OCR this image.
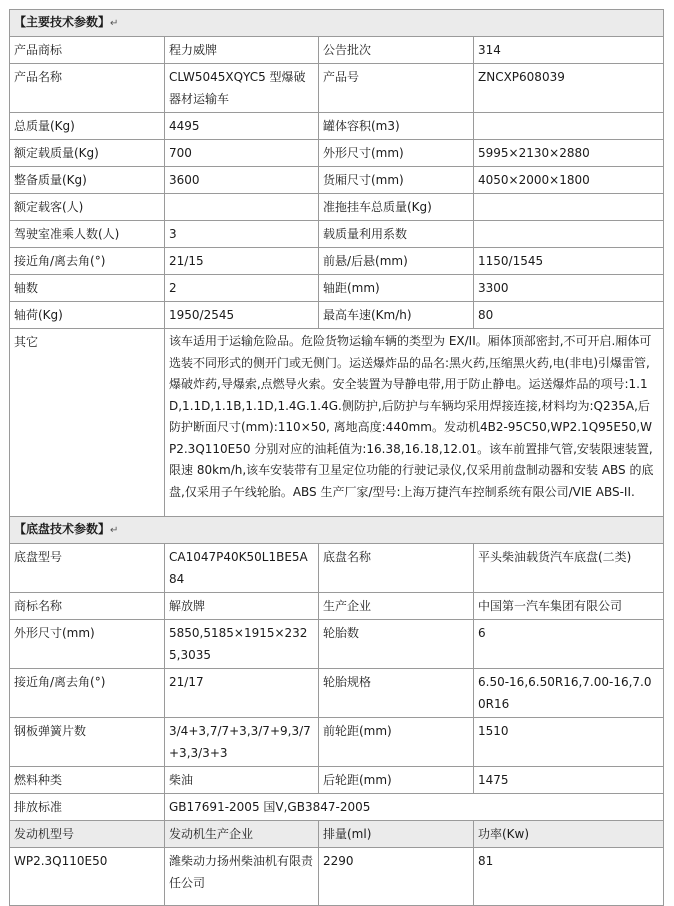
【主要技术参数】↵			
产品商标	程力威牌	公告批次	314
产品名称	CLW5045XQYC5 型爆破器材运输车	产品号	ZNCXP608039
总质量(Kg)	4495	罐体容积(m3)	
额定载质量(Kg)	700	外形尺寸(mm)	5995×2130×2880
整备质量(Kg)	3600	货厢尺寸(mm)	4050×2000×1800
额定载客(人)		准拖挂车总质量(Kg)	
驾驶室准乘人数(人)	3	载质量利用系数	
接近角/离去角(°)	21/15	前悬/后悬(mm)	1150/1545
轴数	2	轴距(mm)	3300
轴荷(Kg)	1950/2545	最高车速(Km/h)	80
其它	该车适用于运输危险品。危险货物运输车辆的类型为 EX/II。厢体顶部密封,不可开启.厢体可选装不同形式的侧开门或无侧门。运送爆炸品的品名:黑火药,压缩黑火药,电(非电)引爆雷管,爆破炸药,导爆索,点燃导火索。安全装置为导静电带,用于防止静电。运送爆炸品的项号:1.1D,1.1D,1.1B,1.1D,1.4G.1.4G.侧防护,后防护与车辆均采用焊接连接,材料均为:Q235A,后防护断面尺寸(mm):110×50, 离地高度:440mm。发动机4B2-95C50,WP2.1Q95E50,WP2.3Q110E50 分别对应的油耗值为:16.38,16.18,12.01。该车前置排气管,安装限速装置,限速 80km/h,该车安装带有卫星定位功能的行驶记录仪,仅采用前盘制动器和安装 ABS 的底盘,仅采用子午线轮胎。ABS 生产厂家/型号:上海万捷汽车控制系统有限公司/VIE ABS-II.		
【底盘技术参数】↵			
底盘型号	CA1047P40K50L1BE5A84	底盘名称	平头柴油载货汽车底盘(二类)
商标名称	解放牌	生产企业	中国第一汽车集团有限公司
外形尺寸(mm)	5850,5185×1915×2325,3035	轮胎数	6
接近角/离去角(°)	21/17	轮胎规格	6.50-16,6.50R16,7.00-16,7.00R16
钢板弹簧片数	3/4+3,7/7+3,3/7+9,3/7+3,3/3+3	前轮距(mm)	1510
燃料种类	柴油	后轮距(mm)	1475
排放标准	GB17691-2005 国V,GB3847-2005		
发动机型号	发动机生产企业	排量(ml)	功率(Kw)
WP2.3Q110E50	潍柴动力扬州柴油机有限责任公司	2290	81
